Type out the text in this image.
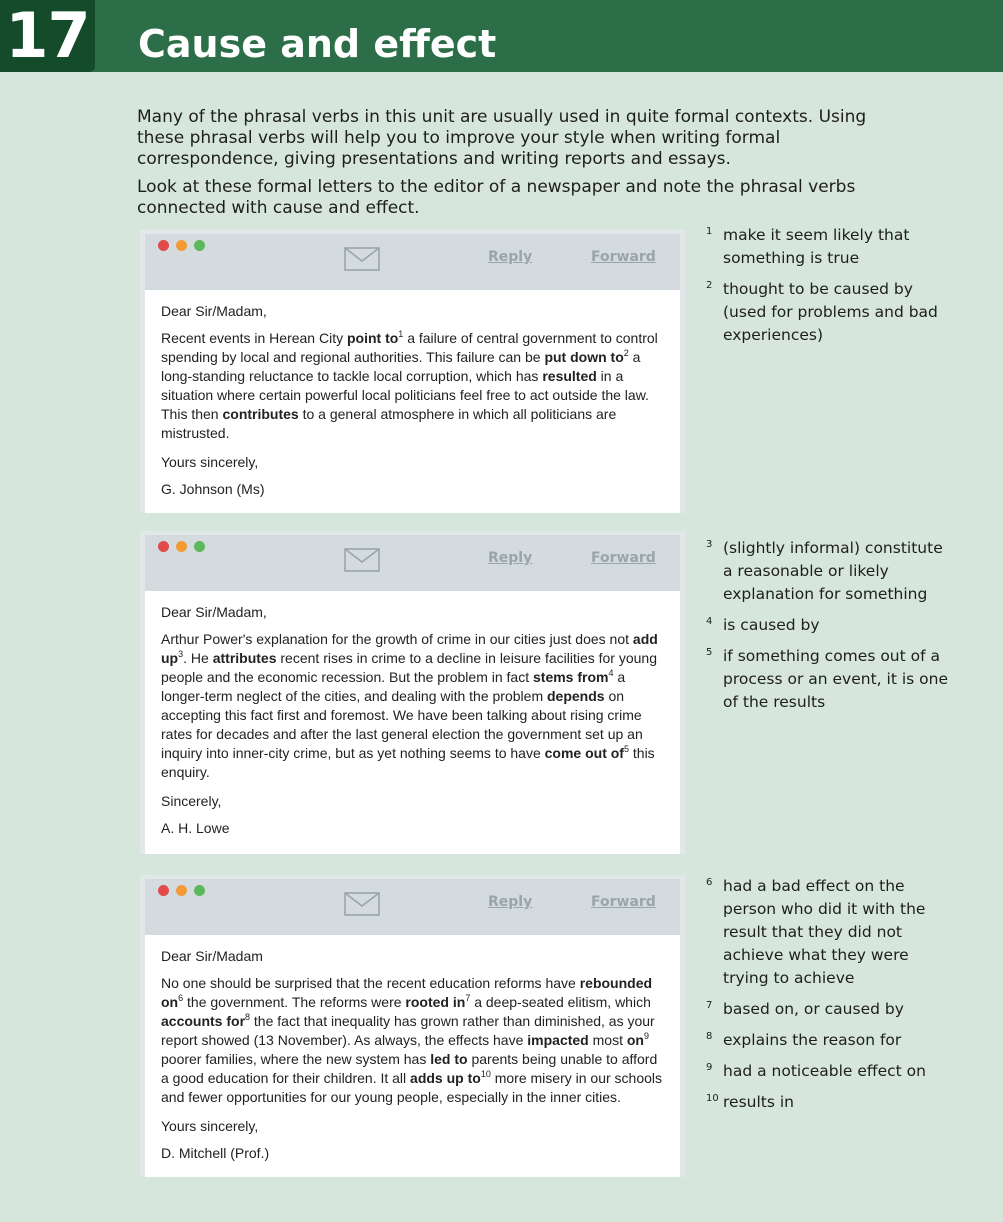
17 Cause and effect

Many of the phrasal verbs in this unit are usually used in quite formal contexts. Using these phrasal verbs will help you to improve your style when writing formal correspondence, giving presentations and writing reports and essays.

Look at these formal letters to the editor of a newspaper and note the phrasal verbs connected with cause and effect.

Reply	Forward

Dear Sir/Madam,

Recent events in Herean City point $to^1$ a failure of central government to control spending by local and regional authorities. This failure can be put down $to^2$ a long-standing reluctance to tackle local corruption, which has resulted in a situation where certain powerful local politicians feel free to act outside the law. This then contributes to a general atmosphere in which all politicians are mistrusted.

Yours sincerely,

G. Johnson (Ms)

Reply	Forward

Dear Sir/Madam,

Arthur Power's explanation for the growth of crime in our cities just does not add $up^3$. He attributes recent rises in crime to a decline in leisure facilities for young people and the economic recession. But the problem in fact stems from$^4$ a longer-term neglect of the cities, and dealing with the problem depends on accepting this fact first and foremost. We have been talking about rising crime rates for decades and after the last general election the government set up an inquiry into inner-city crime, but as yet nothing seems to have come out $of^5$ this enquiry.

Sincerely,

A. H. Lowe

Reply	Forward

Dear Sir/Madam

No one should be surprised that the recent education reforms have rebounded $on^6$ the government. The reforms were rooted $in^7$ a deep-seated elitism, which accounts for$^8$ the fact that inequality has grown rather than diminished, as your report showed (13 November). As always, the effects have impacted most $on^9$ poorer families, where the new system has led to parents being unable to afford a good education for their children. It all adds up $to^{10}$ more misery in our schools and fewer opportunities for our young people, especially in the inner cities.

Yours sincerely,

D. Mitchell (Prof.)

1 make it seem likely that something is true
2 thought to be caused by (used for problems and bad experiences)
3 (slightly informal) constitute a reasonable or likely explanation for something
4 is caused by
5 if something comes out of a process or an event, it is one of the results
6 had a bad effect on the person who did it with the result that they did not achieve what they were trying to achieve
7 based on, or caused by
8 explains the reason for
9 had a noticeable effect on
10 results in
